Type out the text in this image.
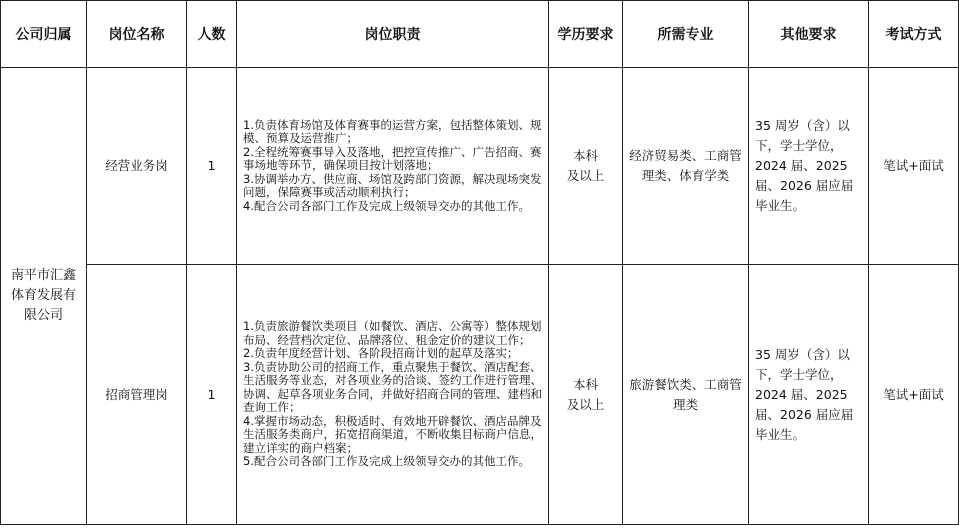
公司归属	岗位名称	人数	岗位职责	学历要求	所需专业	其他要求	考试方式
南平市汇鑫体育发展有限公司	经营业务岗	1	1.负责体育场馆及体育赛事的运营方案，包括整体策划、规模、预算及运营推广；
2.全程统筹赛事导入及落地，把控宣传推广、广告招商、赛事场地等环节，确保项目按计划落地；
3.协调举办方、供应商、场馆及跨部门资源，解决现场突发问题，保障赛事或活动顺利执行；
4.配合公司各部门工作及完成上级领导交办的其他工作。	本科
及以上	经济贸易类、工商管理类、体育学类	35 周岁（含）以下，学士学位，2024 届、2025 届、2026 届应届毕业生。	笔试+面试
	招商管理岗	1	1.负责旅游餐饮类项目（如餐饮、酒店、公寓等）整体规划布局、经营档次定位、品牌落位、租金定价的建议工作；
2.负责年度经营计划、各阶段招商计划的起草及落实；
3.负责协助公司的招商工作，重点聚焦于餐饮、酒店配套、生活服务等业态，对各项业务的洽谈、签约工作进行管理、协调、起草各项业务合同，并做好招商合同的管理、建档和查询工作；
4.掌握市场动态，积极适时、有效地开辟餐饮、酒店品牌及生活服务类商户，拓宽招商渠道，不断收集目标商户信息，建立详实的商户档案；
5.配合公司各部门工作及完成上级领导交办的其他工作。	本科
及以上	旅游餐饮类、工商管理类	35 周岁（含）以下，学士学位，2024 届、2025 届、2026 届应届毕业生。	笔试+面试
